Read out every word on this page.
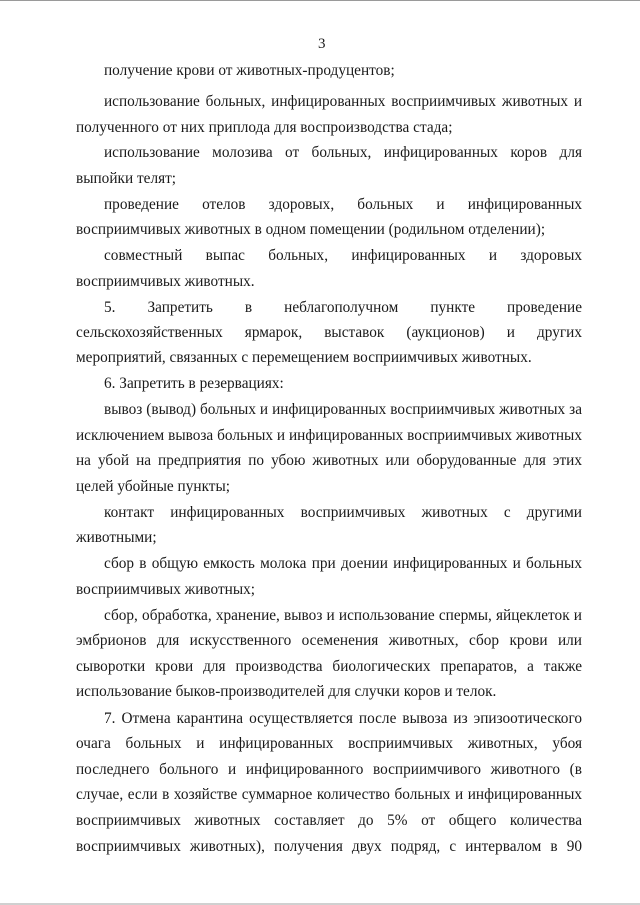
3
получение крови от животных-продуцентов;
использование больных, инфицированных восприимчивых животных и
полученного от них приплода для воспроизводства стада;
использование молозива от больных, инфицированных коров для
выпойки телят;
проведение отелов здоровых, больных и инфицированных
восприимчивых животных в одном помещении (родильном отделении);
совместный выпас больных, инфицированных и здоровых
восприимчивых животных.
5. Запретить в неблагополучном пункте проведение
сельскохозяйственных ярмарок, выставок (аукционов) и других
мероприятий, связанных с перемещением восприимчивых животных.
6. Запретить в резервациях:
вывоз (вывод) больных и инфицированных восприимчивых животных за
исключением вывоза больных и инфицированных восприимчивых животных
на убой на предприятия по убою животных или оборудованные для этих
целей убойные пункты;
контакт инфицированных восприимчивых животных с другими
животными;
сбор в общую емкость молока при доении инфицированных и больных
восприимчивых животных;
сбор, обработка, хранение, вывоз и использование спермы, яйцеклеток и
эмбрионов для искусственного осеменения животных, сбор крови или
сыворотки крови для производства биологических препаратов, а также
использование быков-производителей для случки коров и телок.
7. Отмена карантина осуществляется после вывоза из эпизоотического
очага больных и инфицированных восприимчивых животных, убоя
последнего больного и инфицированного восприимчивого животного (в
случае, если в хозяйстве суммарное количество больных и инфицированных
восприимчивых животных составляет до 5% от общего количества
восприимчивых животных), получения двух подряд, с интервалом в 90
